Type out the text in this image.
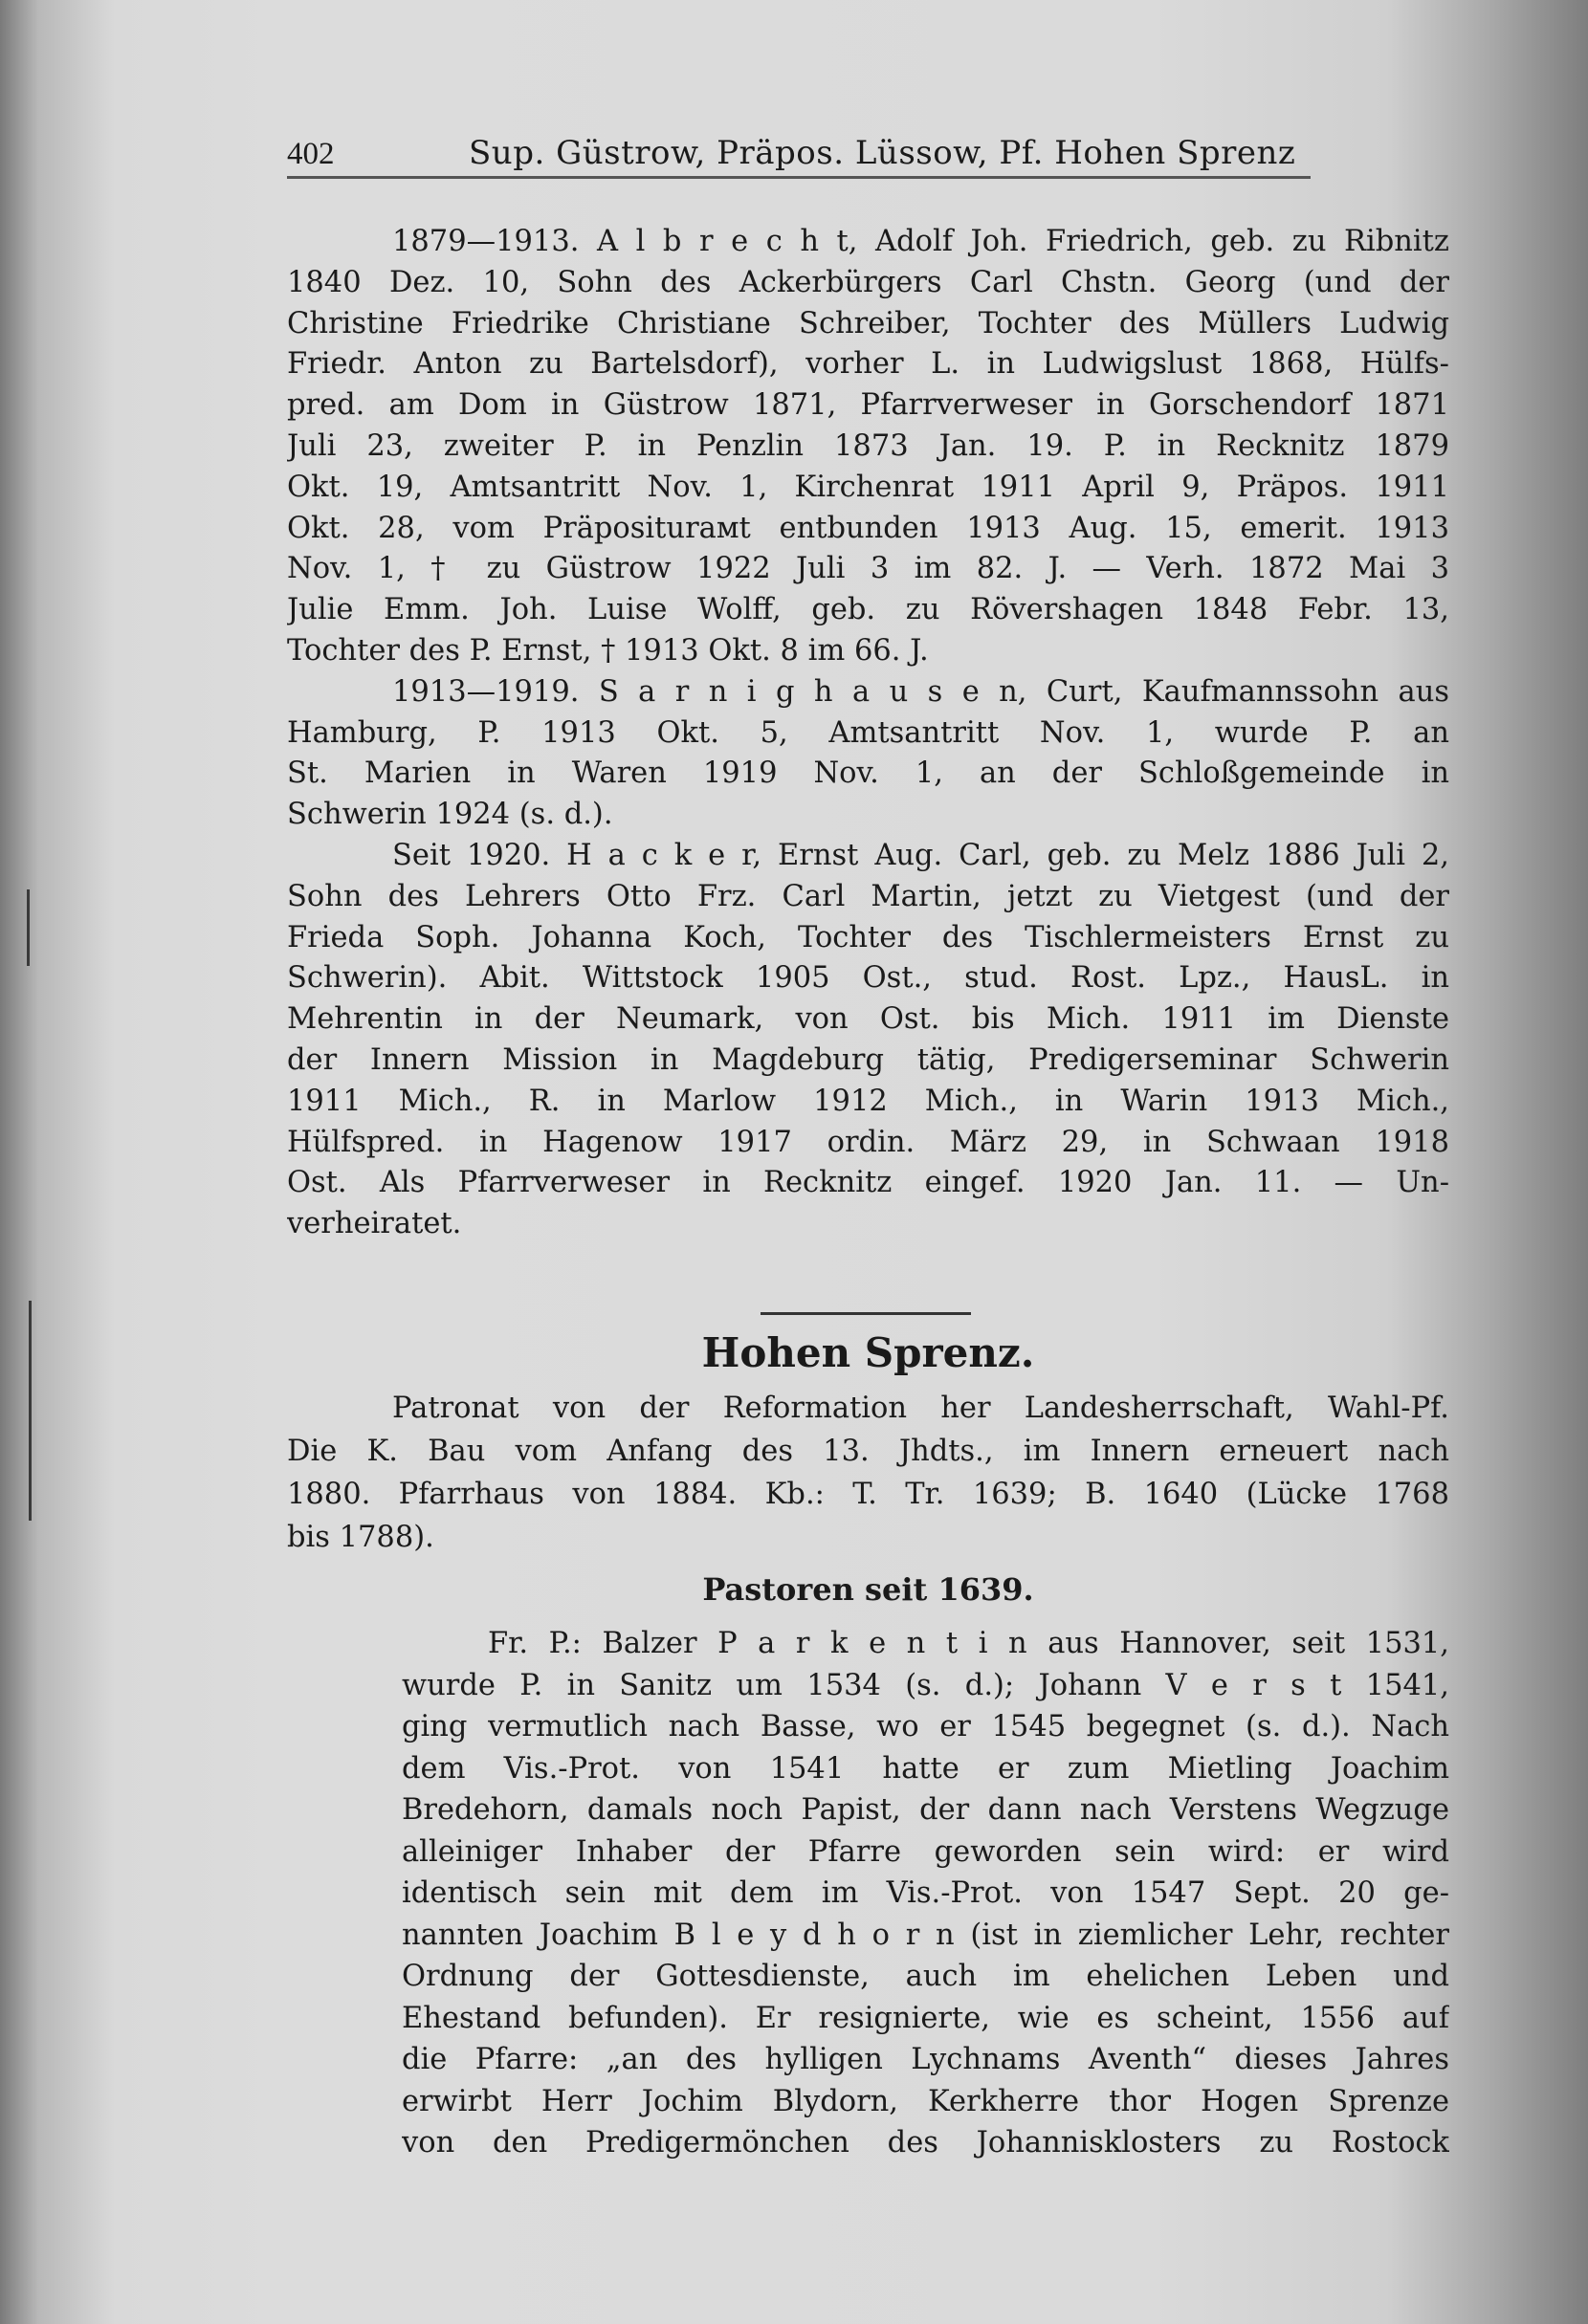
402	Sup. Güstrow, Präpos. Lüssow, Pf. Hohen Sprenz
1879—1913. A l b r e c h t, Adolf Joh. Friedrich, geb. zu Ribnitz
1840 Dez. 10, Sohn des Ackerbürgers Carl Chstn. Georg (und der
Christine Friedrike Christiane Schreiber, Tochter des Müllers Ludwig
Friedr. Anton zu Bartelsdorf), vorher L. in Ludwigslust 1868, Hülfs-
pred. am Dom in Güstrow 1871, Pfarrverweser in Gorschendorf 1871
Juli 23, zweiter P. in Penzlin 1873 Jan. 19. P. in Recknitz 1879
Okt. 19, Amtsantritt Nov. 1, Kirchenrat 1911 April 9, Präpos. 1911
Okt. 28, vom Präpositurамt entbunden 1913 Aug. 15, emerit. 1913
Nov. 1, † zu Güstrow 1922 Juli 3 im 82. J. — Verh. 1872 Mai 3
Julie Emm. Joh. Luise Wolff, geb. zu Rövershagen 1848 Febr. 13,
Tochter des P. Ernst, † 1913 Okt. 8 im 66. J.
1913—1919. S a r n i g h a u s e n, Curt, Kaufmannssohn aus
Hamburg, P. 1913 Okt. 5, Amtsantritt Nov. 1, wurde P. an
St. Marien in Waren 1919 Nov. 1, an der Schloßgemeinde in
Schwerin 1924 (s. d.).
Seit 1920. H a c k e r, Ernst Aug. Carl, geb. zu Melz 1886 Juli 2,
Sohn des Lehrers Otto Frz. Carl Martin, jetzt zu Vietgest (und der
Frieda Soph. Johanna Koch, Tochter des Tischlermeisters Ernst zu
Schwerin). Abit. Wittstock 1905 Ost., stud. Rost. Lpz., HausL. in
Mehrentin in der Neumark, von Ost. bis Mich. 1911 im Dienste
der Innern Mission in Magdeburg tätig, Predigerseminar Schwerin
1911 Mich., R. in Marlow 1912 Mich., in Warin 1913 Mich.,
Hülfspred. in Hagenow 1917 ordin. März 29, in Schwaan 1918
Ost. Als Pfarrverweser in Recknitz eingef. 1920 Jan. 11. — Un-
verheiratet.
Hohen Sprenz.
Patronat von der Reformation her Landesherrschaft, Wahl-Pf.
Die K. Bau vom Anfang des 13. Jhdts., im Innern erneuert nach
1880. Pfarrhaus von 1884. Kb.: T. Tr. 1639; B. 1640 (Lücke 1768
bis 1788).
Pastoren seit 1639.
Fr. P.: Balzer P a r k e n t i n aus Hannover, seit 1531,
wurde P. in Sanitz um 1534 (s. d.); Johann V e r s t 1541,
ging vermutlich nach Basse, wo er 1545 begegnet (s. d.). Nach
dem Vis.-Prot. von 1541 hatte er zum Mietling Joachim
Bredehorn, damals noch Papist, der dann nach Verstens Wegzuge
alleiniger Inhaber der Pfarre geworden sein wird: er wird
identisch sein mit dem im Vis.-Prot. von 1547 Sept. 20 ge-
nannten Joachim B l e y d h o r n (ist in ziemlicher Lehr, rechter
Ordnung der Gottesdienste, auch im ehelichen Leben und
Ehestand befunden). Er resignierte, wie es scheint, 1556 auf
die Pfarre: „an des hylligen Lychnams Aventh“ dieses Jahres
erwirbt Herr Jochim Blydorn, Kerkherre thor Hogen Sprenze
von den Predigermönchen des Johannisklosters zu Rostock
